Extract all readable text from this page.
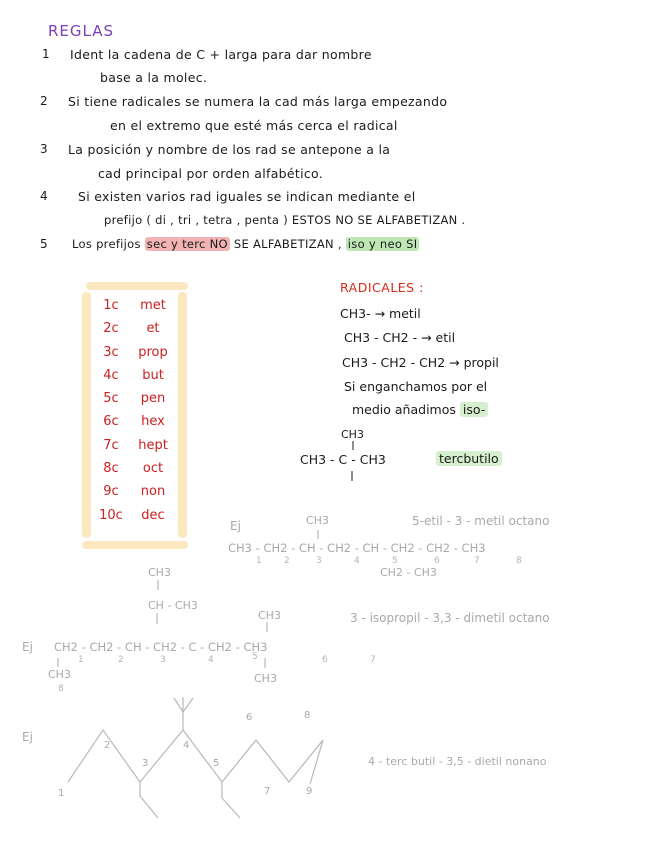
REGLAS
1 Ident la cadena de C + larga para dar nombre
base a la molec.
2 Si tiene radicales se numera la cad más larga empezando
en el extremo que esté más cerca el radical
3 La posición y nombre de los rad se antepone a la
cad principal por orden alfabético.
4 Si existen varios rad iguales se indican mediante el
prefijo ( di , tri , tetra , penta ) ESTOS NO SE ALFABETIZAN .
5 Los prefijos sec y terc NO SE ALFABETIZAN , iso y neo SI
1c	met
2c	et
3c	prop
4c	but
5c	pen
6c	hex
7c	hept
8c	oct
9c	non
10c	dec
RADICALES :
CH3- → metil
CH3 - CH2 - → etil
CH3 - CH2 - CH2 → propil
Si enganchamos por el
medio añadimos iso-
CH3
CH3 - C - CH3	tercbutilo
Ej	CH3	5-etil - 3 - metil octano
CH3 - CH2 - CH - CH2 - CH - CH2 - CH2 - CH3
1 2	3	4	5	6	7	8
CH2 - CH3
CH3
CH - CH3
CH3	3 - isopropil - 3,3 - dimetil octano
Ej CH2 - CH2 - CH - CH2 - C - CH2 - CH3
1	2	3	4	5	6	7
CH3
8
CH3
Ej
1
2
3
4
5
6
7
8
9
4 - terc butil - 3,5 - dietil nonano
